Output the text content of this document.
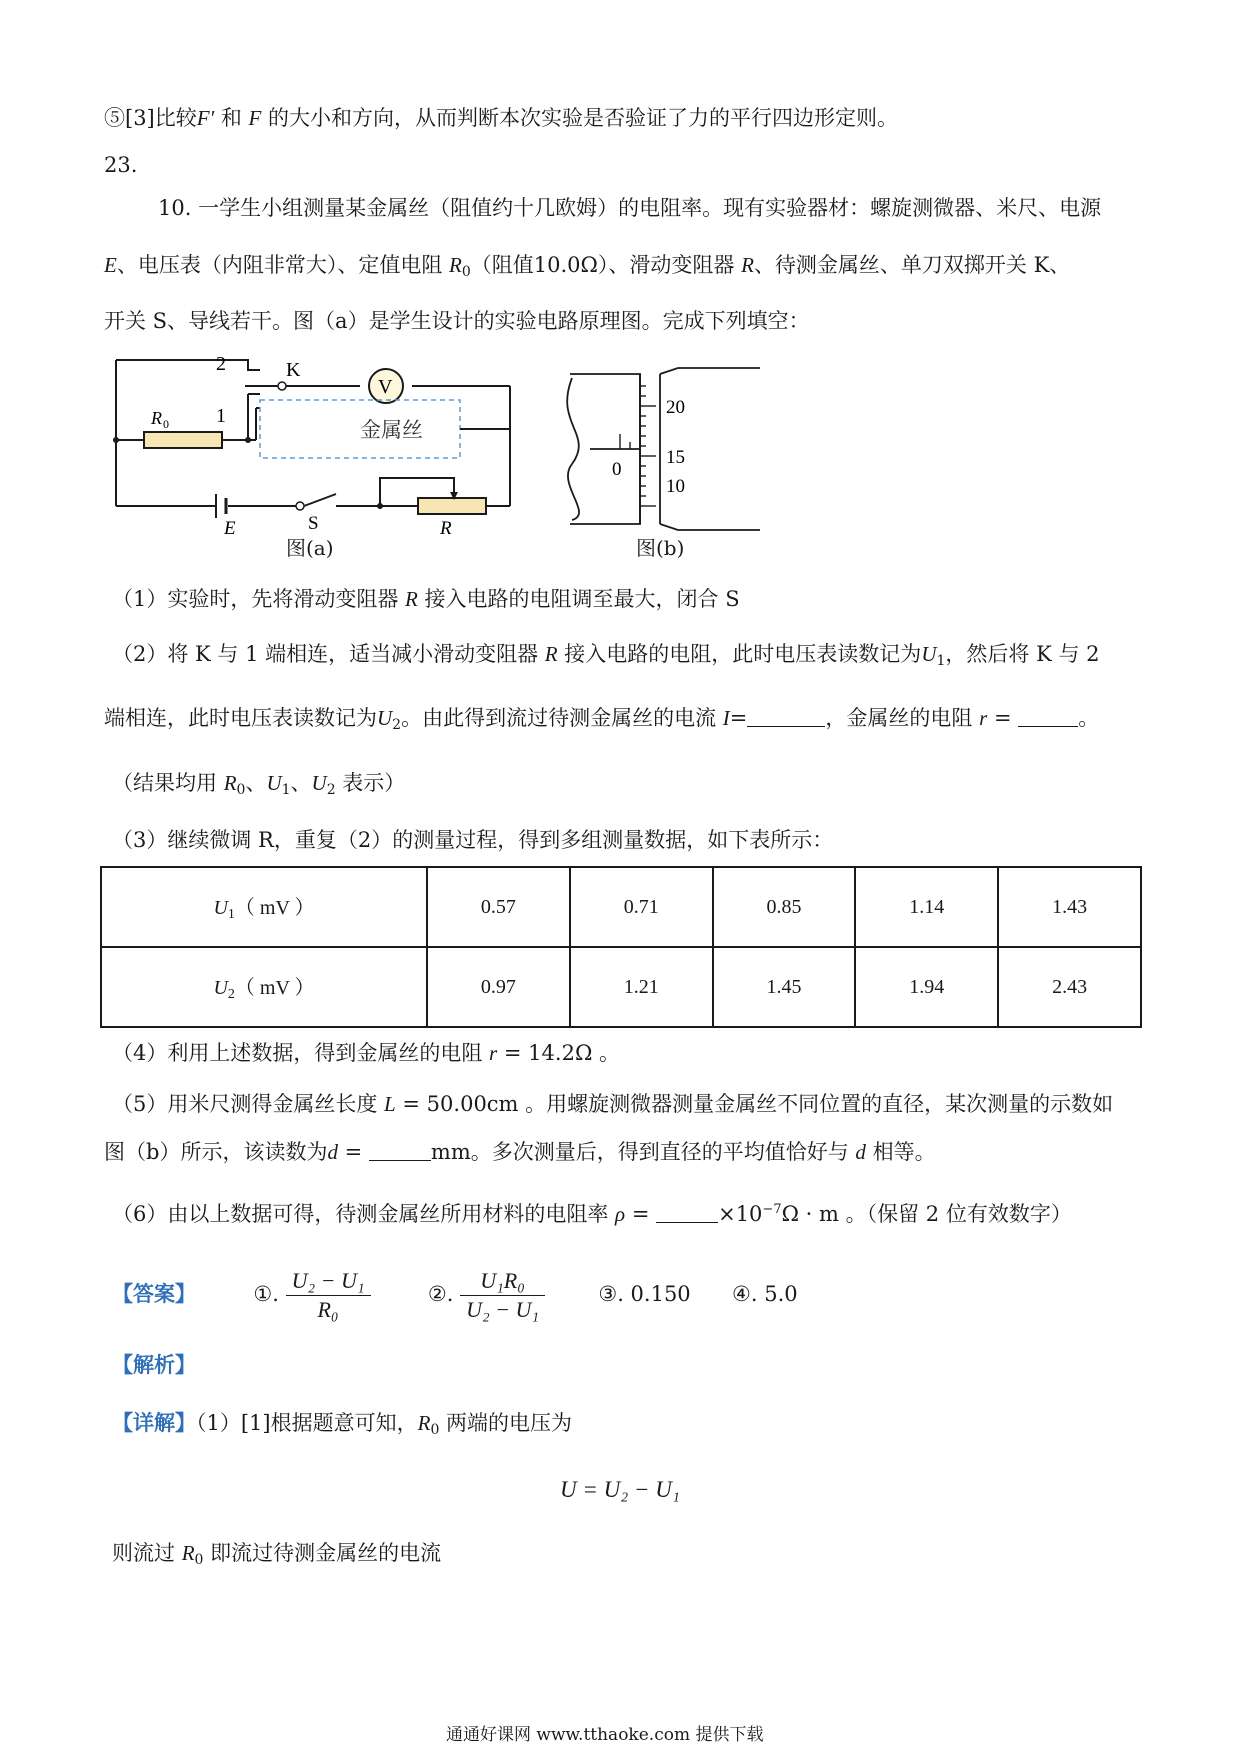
⑤[3]比较F′ 和 F 的大小和方向，从而判断本次实验是否验证了力的平行四边形定则。
23.
10. 一学生小组测量某金属丝（阻值约十几欧姆）的电阻率。现有实验器材：螺旋测微器、米尺、电源
E、电压表（内阻非常大）、定值电阻 $R_0$（阻值10.0Ω）、滑动变阻器 R、待测金属丝、单刀双掷开关 K、
开关 S、导线若干。图（a）是学生设计的实验电路原理图。完成下列填空：
2
1
K
V
R 0	金属丝
E	S	R
图(a)
20
15
10
0
图(b)
（1）实验时，先将滑动变阻器 R 接入电路的电阻调至最大，闭合 S
（2）将 K 与 1 端相连，适当减小滑动变阻器 R 接入电路的电阻，此时电压表读数记为$U_1$，然后将 K 与 2
端相连，此时电压表读数记为$U_2$。由此得到流过待测金属丝的电流 I=	，金属丝的电阻 r =	。
（结果均用 $R_0$、$U_1$、$U_2$ 表示）
（3）继续微调 R，重复（2）的测量过程，得到多组测量数据，如下表所示：
$U_1$（ mV ）	0.57	0.71	0.85	1.14	1.43
$U_2$（ mV ）	0.97	1.21	1.45	1.94	2.43
（4）利用上述数据，得到金属丝的电阻 r = 14.2Ω 。
（5）用米尺测得金属丝长度 L = 50.00cm 。用螺旋测微器测量金属丝不同位置的直径，某次测量的示数如
图（b）所示，该读数为d =	mm。多次测量后，得到直径的平均值恰好与 d 相等。
（6）由以上数据可得，待测金属丝所用材料的电阻率 ρ =	$\times 10^{-7}\Omega \cdot m$ 。（保留 2 位有效数字）
【答案】	①. $\frac{\text{U₂ − U₁}}{\text{R₀}}$	②. $\frac{\text{U₁R₀}}{\text{U₂ − U₁}}$	③. 0.150 ④. 5.0
【解析】
【详解】（1）[1]根据题意可知，$R_0$ 两端的电压为
U = U₂ − U₁
则流过 $R_0$ 即流过待测金属丝的电流
通通好课网 www.tthaoke.com 提供下载
